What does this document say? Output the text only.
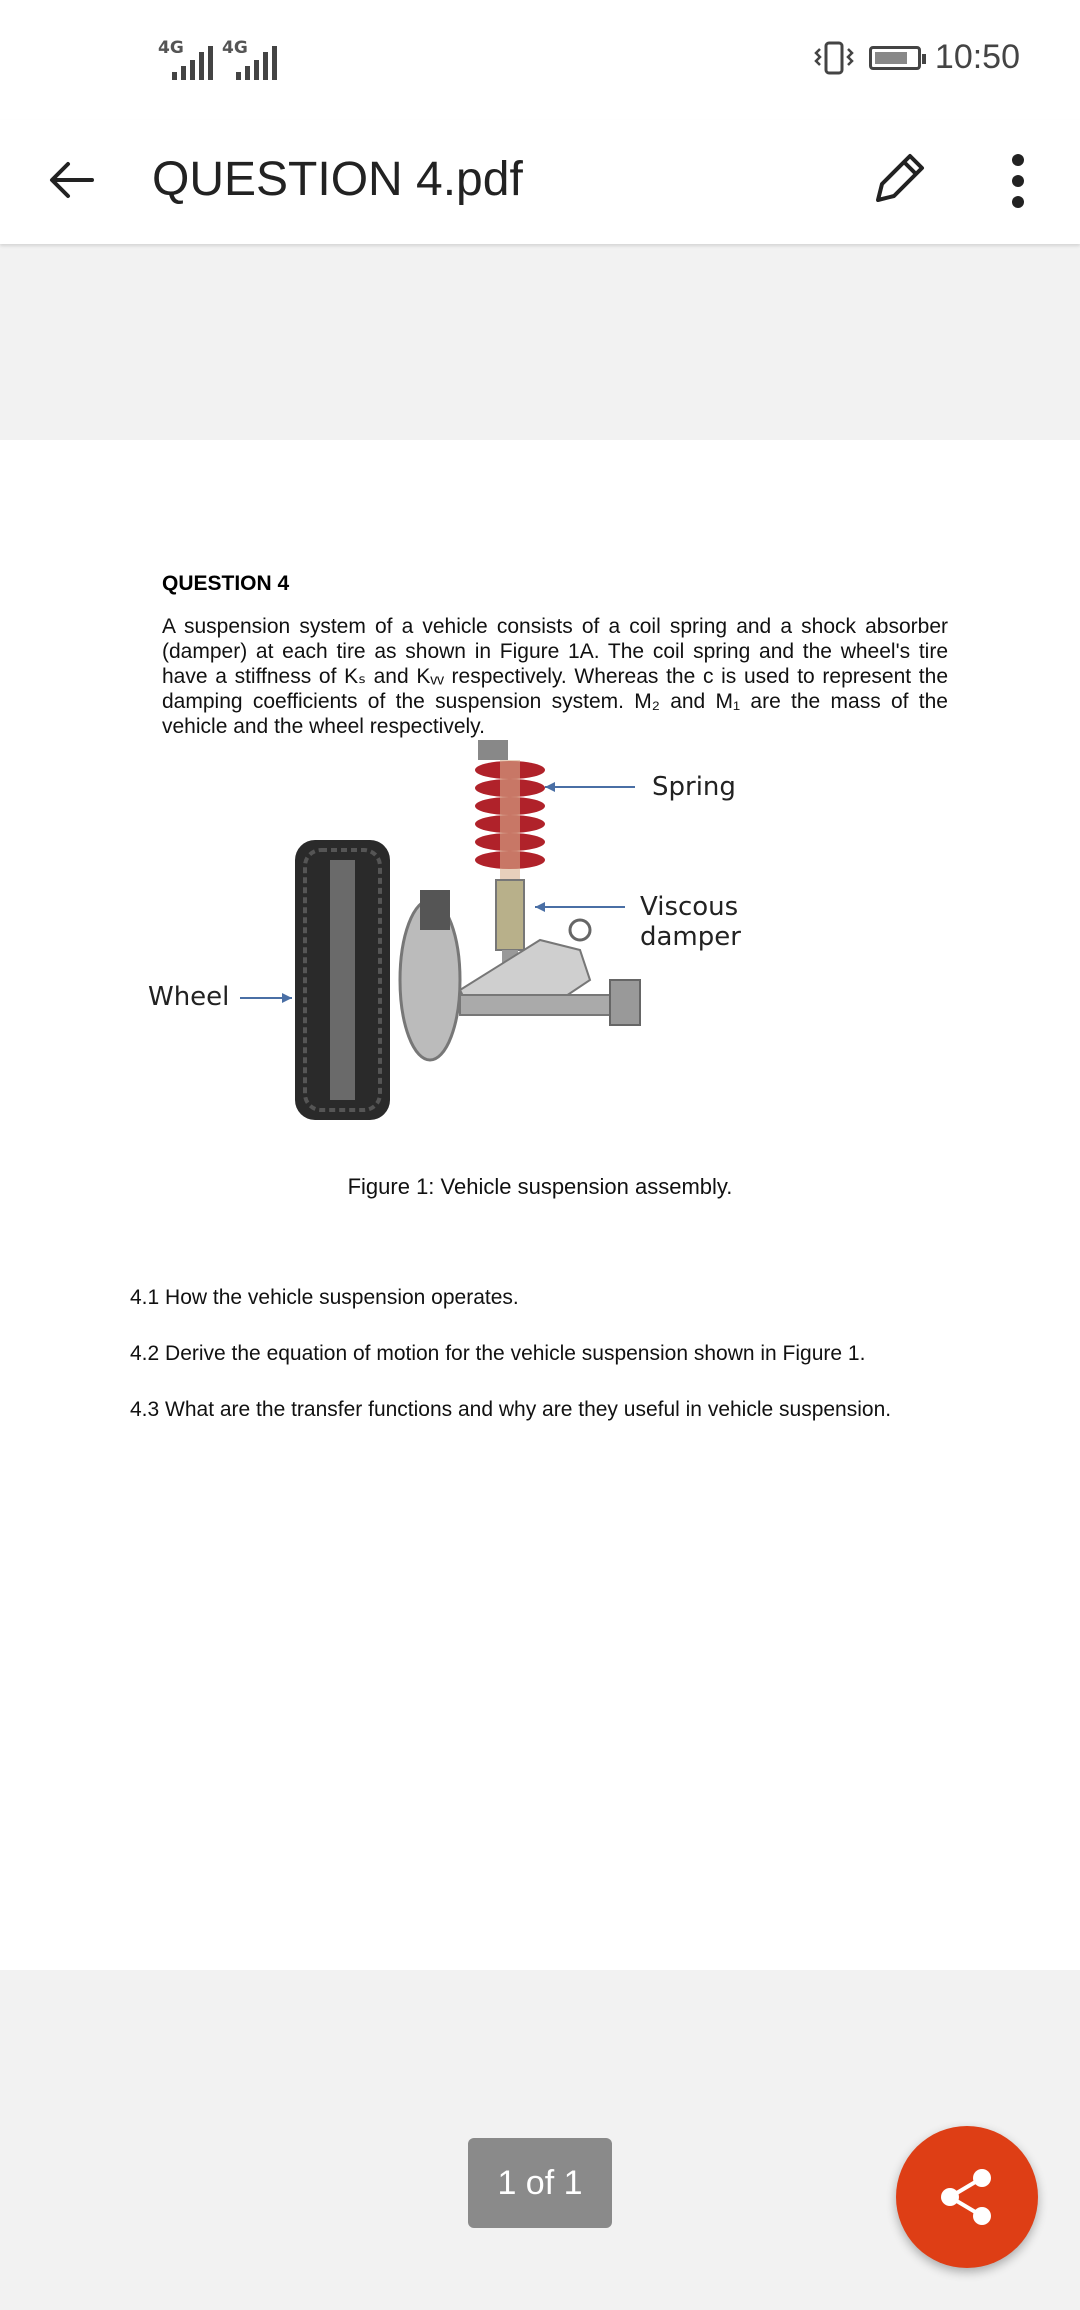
4G 4G	10:50
QUESTION 4.pdf
QUESTION 4
A suspension system of a vehicle consists of a coil spring and a shock absorber (damper) at each tire as shown in Figure 1A. The coil spring and the wheel's tire have a stiffness of Kₛ and Kᵥᵥ respectively. Whereas the c is used to represent the damping coefficients of the suspension system. M₂ and M₁ are the mass of the vehicle and the wheel respectively.
Spring
Viscous damper
Wheel
Figure 1: Vehicle suspension assembly.
4.1 How the vehicle suspension operates.
4.2 Derive the equation of motion for the vehicle suspension shown in Figure 1.
4.3 What are the transfer functions and why are they useful in vehicle suspension.
1 of 1
